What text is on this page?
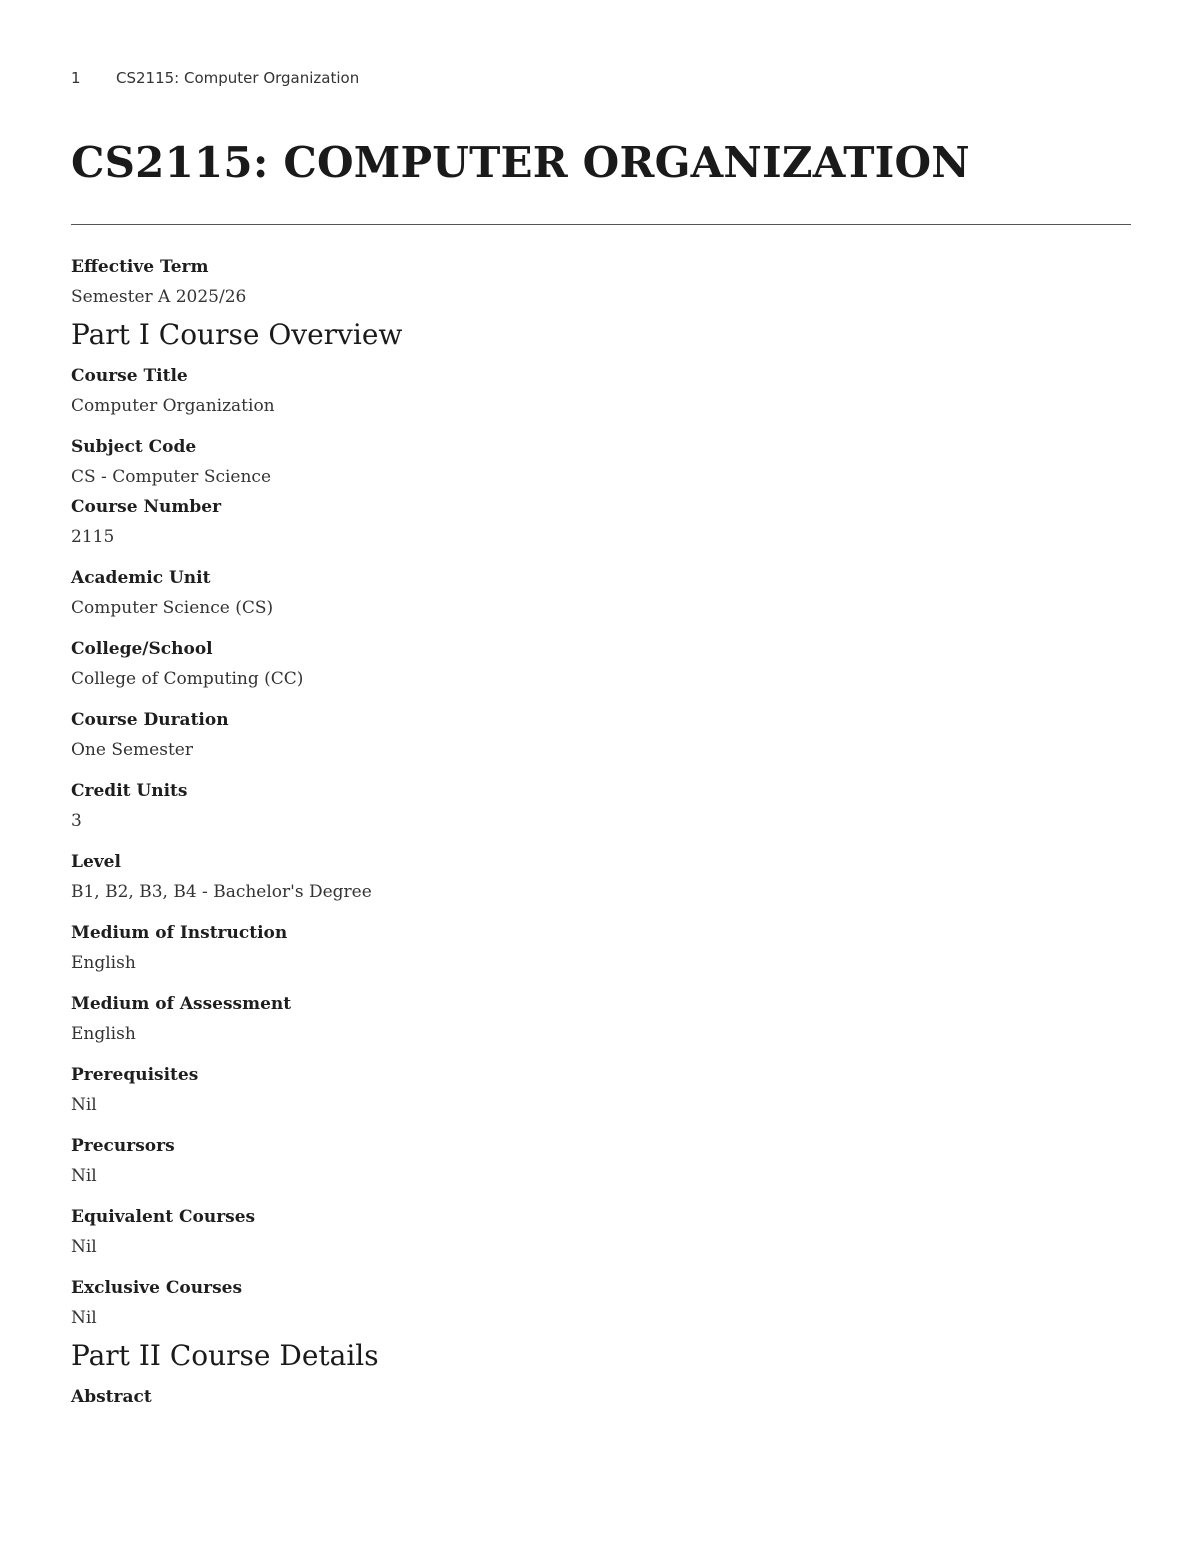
1 CS2115: Computer Organization
CS2115: COMPUTER ORGANIZATION
Effective Term
Semester A 2025/26
Part I Course Overview
Course Title
Computer Organization
Subject Code
CS - Computer Science
Course Number
2115
Academic Unit
Computer Science (CS)
College/School
College of Computing (CC)
Course Duration
One Semester
Credit Units
3
Level
B1, B2, B3, B4 - Bachelor's Degree
Medium of Instruction
English
Medium of Assessment
English
Prerequisites
Nil
Precursors
Nil
Equivalent Courses
Nil
Exclusive Courses
Nil
Part II Course Details
Abstract
